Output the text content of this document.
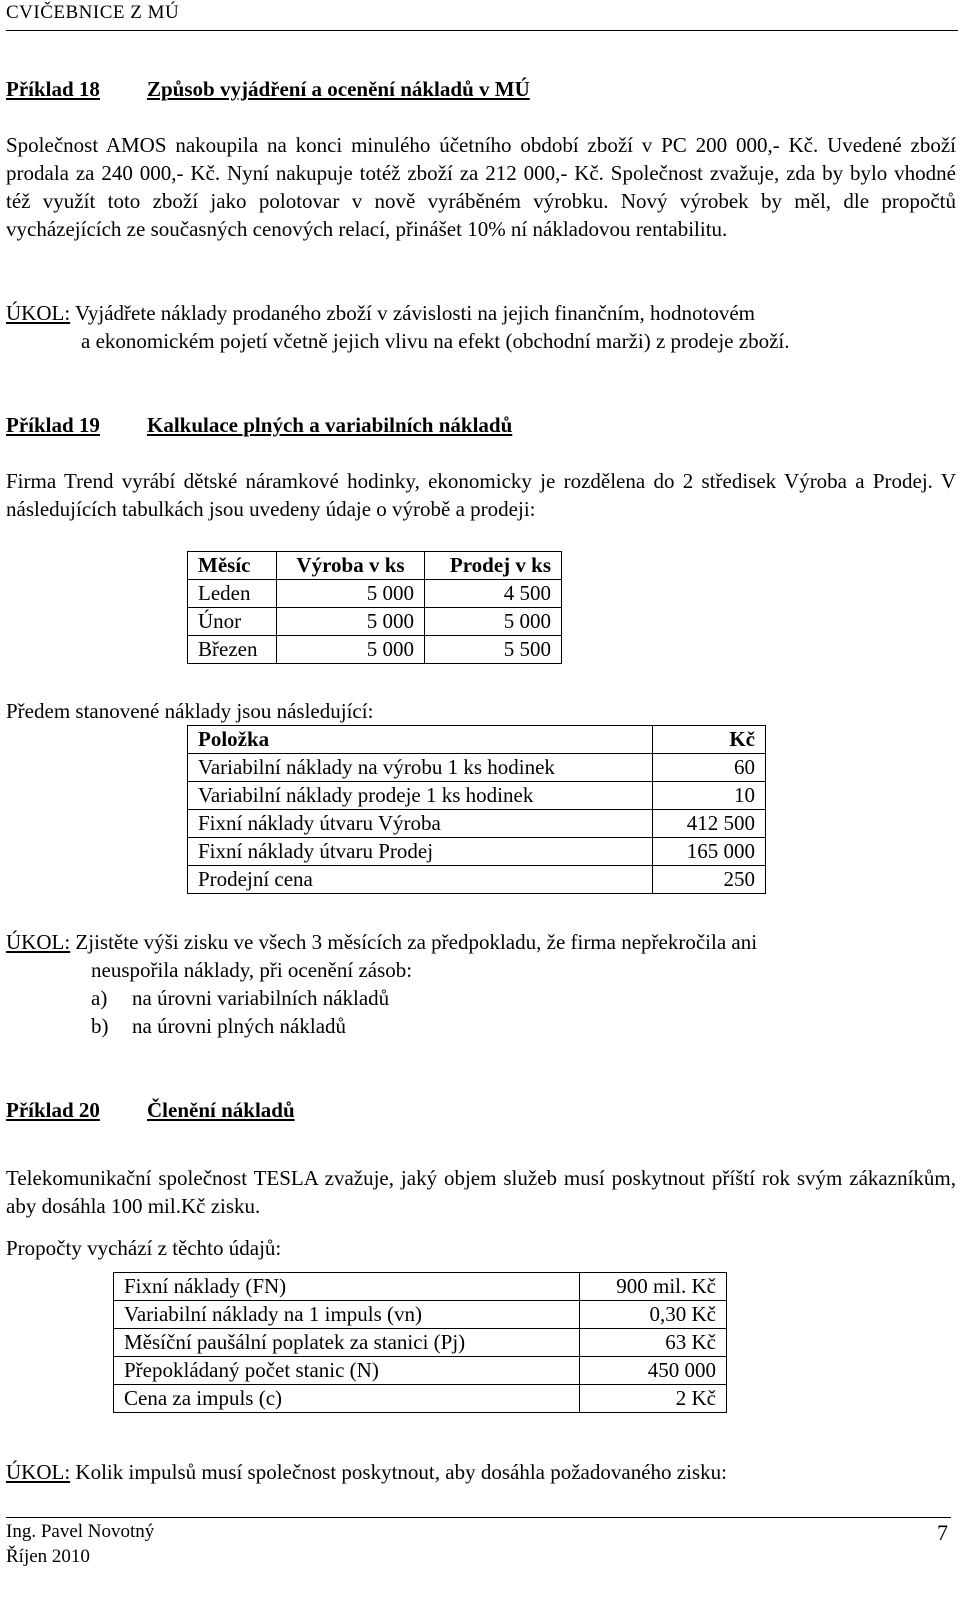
CVIČEBNICE Z MÚ
Příklad 18 Způsob vyjádření a ocenění nákladů v MÚ
Společnost AMOS nakoupila na konci minulého účetního období zboží v PC 200 000,- Kč. Uvedené zboží prodala za 240 000,- Kč. Nyní nakupuje totéž zboží za 212 000,- Kč. Společnost zvažuje, zda by bylo vhodné též využít toto zboží jako polotovar v nově vyráběném výrobku. Nový výrobek by měl, dle propočtů vycházejících ze současných cenových relací, přinášet 10% ní nákladovou rentabilitu.
ÚKOL: Vyjádřete náklady prodaného zboží v závislosti na jejich finančním, hodnotovém
a ekonomickém pojetí včetně jejich vlivu na efekt (obchodní marži) z prodeje zboží.
Příklad 19 Kalkulace plných a variabilních nákladů
Firma Trend vyrábí dětské náramkové hodinky, ekonomicky je rozdělena do 2 středisek Výroba a Prodej. V následujících tabulkách jsou uvedeny údaje o výrobě a prodeji:
Měsíc	Výroba v ks	Prodej v ks
Leden	5 000	4 500
Únor	5 000	5 000
Březen	5 000	5 500
Předem stanovené náklady jsou následující:
Položka	Kč
Variabilní náklady na výrobu 1 ks hodinek	60
Variabilní náklady prodeje 1 ks hodinek	10
Fixní náklady útvaru Výroba	412 500
Fixní náklady útvaru Prodej	165 000
Prodejní cena	250
ÚKOL: Zjistěte výši zisku ve všech 3 měsících za předpokladu, že firma nepřekročila ani
neuspořila náklady, při ocenění zásob:
a) na úrovni variabilních nákladů
b) na úrovni plných nákladů
Příklad 20 Členění nákladů
Telekomunikační společnost TESLA zvažuje, jaký objem služeb musí poskytnout příští rok svým zákazníkům, aby dosáhla 100 mil.Kč zisku.
Propočty vychází z těchto údajů:
Fixní náklady (FN)	900 mil. Kč
Variabilní náklady na 1 impuls (vn)	0,30 Kč
Měsíční paušální poplatek za stanici (Pj)	63 Kč
Přepokládaný počet stanic (N)	450 000
Cena za impuls (c)	2 Kč
ÚKOL: Kolik impulsů musí společnost poskytnout, aby dosáhla požadovaného zisku:
Ing. Pavel Novotný
Říjen 2010
7
